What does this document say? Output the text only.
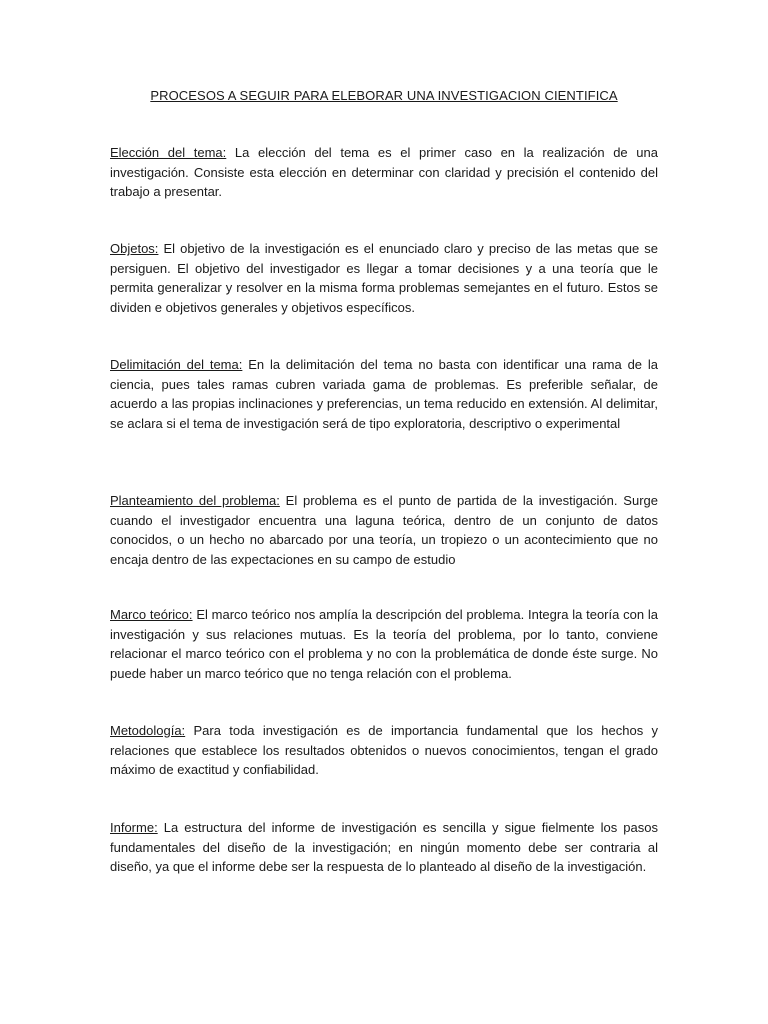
PROCESOS A SEGUIR PARA ELEBORAR UNA INVESTIGACION CIENTIFICA

Elección del tema: La elección del tema es el primer caso en la realización de una investigación. Consiste esta elección en determinar con claridad y precisión el contenido del trabajo a presentar.

Objetos: El objetivo de la investigación es el enunciado claro y preciso de las metas que se persiguen. El objetivo del investigador es llegar a tomar decisiones y a una teoría que le permita generalizar y resolver en la misma forma problemas semejantes en el futuro. Estos se dividen e objetivos generales y objetivos específicos.

Delimitación del tema: En la delimitación del tema no basta con identificar una rama de la ciencia, pues tales ramas cubren variada gama de problemas. Es preferible señalar, de acuerdo a las propias inclinaciones y preferencias, un tema reducido en extensión. Al delimitar, se aclara si el tema de investigación será de tipo exploratoria, descriptivo o experimental

Planteamiento del problema: El problema es el punto de partida de la investigación. Surge cuando el investigador encuentra una laguna teórica, dentro de un conjunto de datos conocidos, o un hecho no abarcado por una teoría, un tropiezo o un acontecimiento que no encaja dentro de las expectaciones en su campo de estudio

Marco teórico: El marco teórico nos amplía la descripción del problema. Integra la teoría con la investigación y sus relaciones mutuas. Es la teoría del problema, por lo tanto, conviene relacionar el marco teórico con el problema y no con la problemática de donde éste surge. No puede haber un marco teórico que no tenga relación con el problema.

Metodología: Para toda investigación es de importancia fundamental que los hechos y relaciones que establece los resultados obtenidos o nuevos conocimientos, tengan el grado máximo de exactitud y confiabilidad.

Informe: La estructura del informe de investigación es sencilla y sigue fielmente los pasos fundamentales del diseño de la investigación; en ningún momento debe ser contraria al diseño, ya que el informe debe ser la respuesta de lo planteado al diseño de la investigación.
